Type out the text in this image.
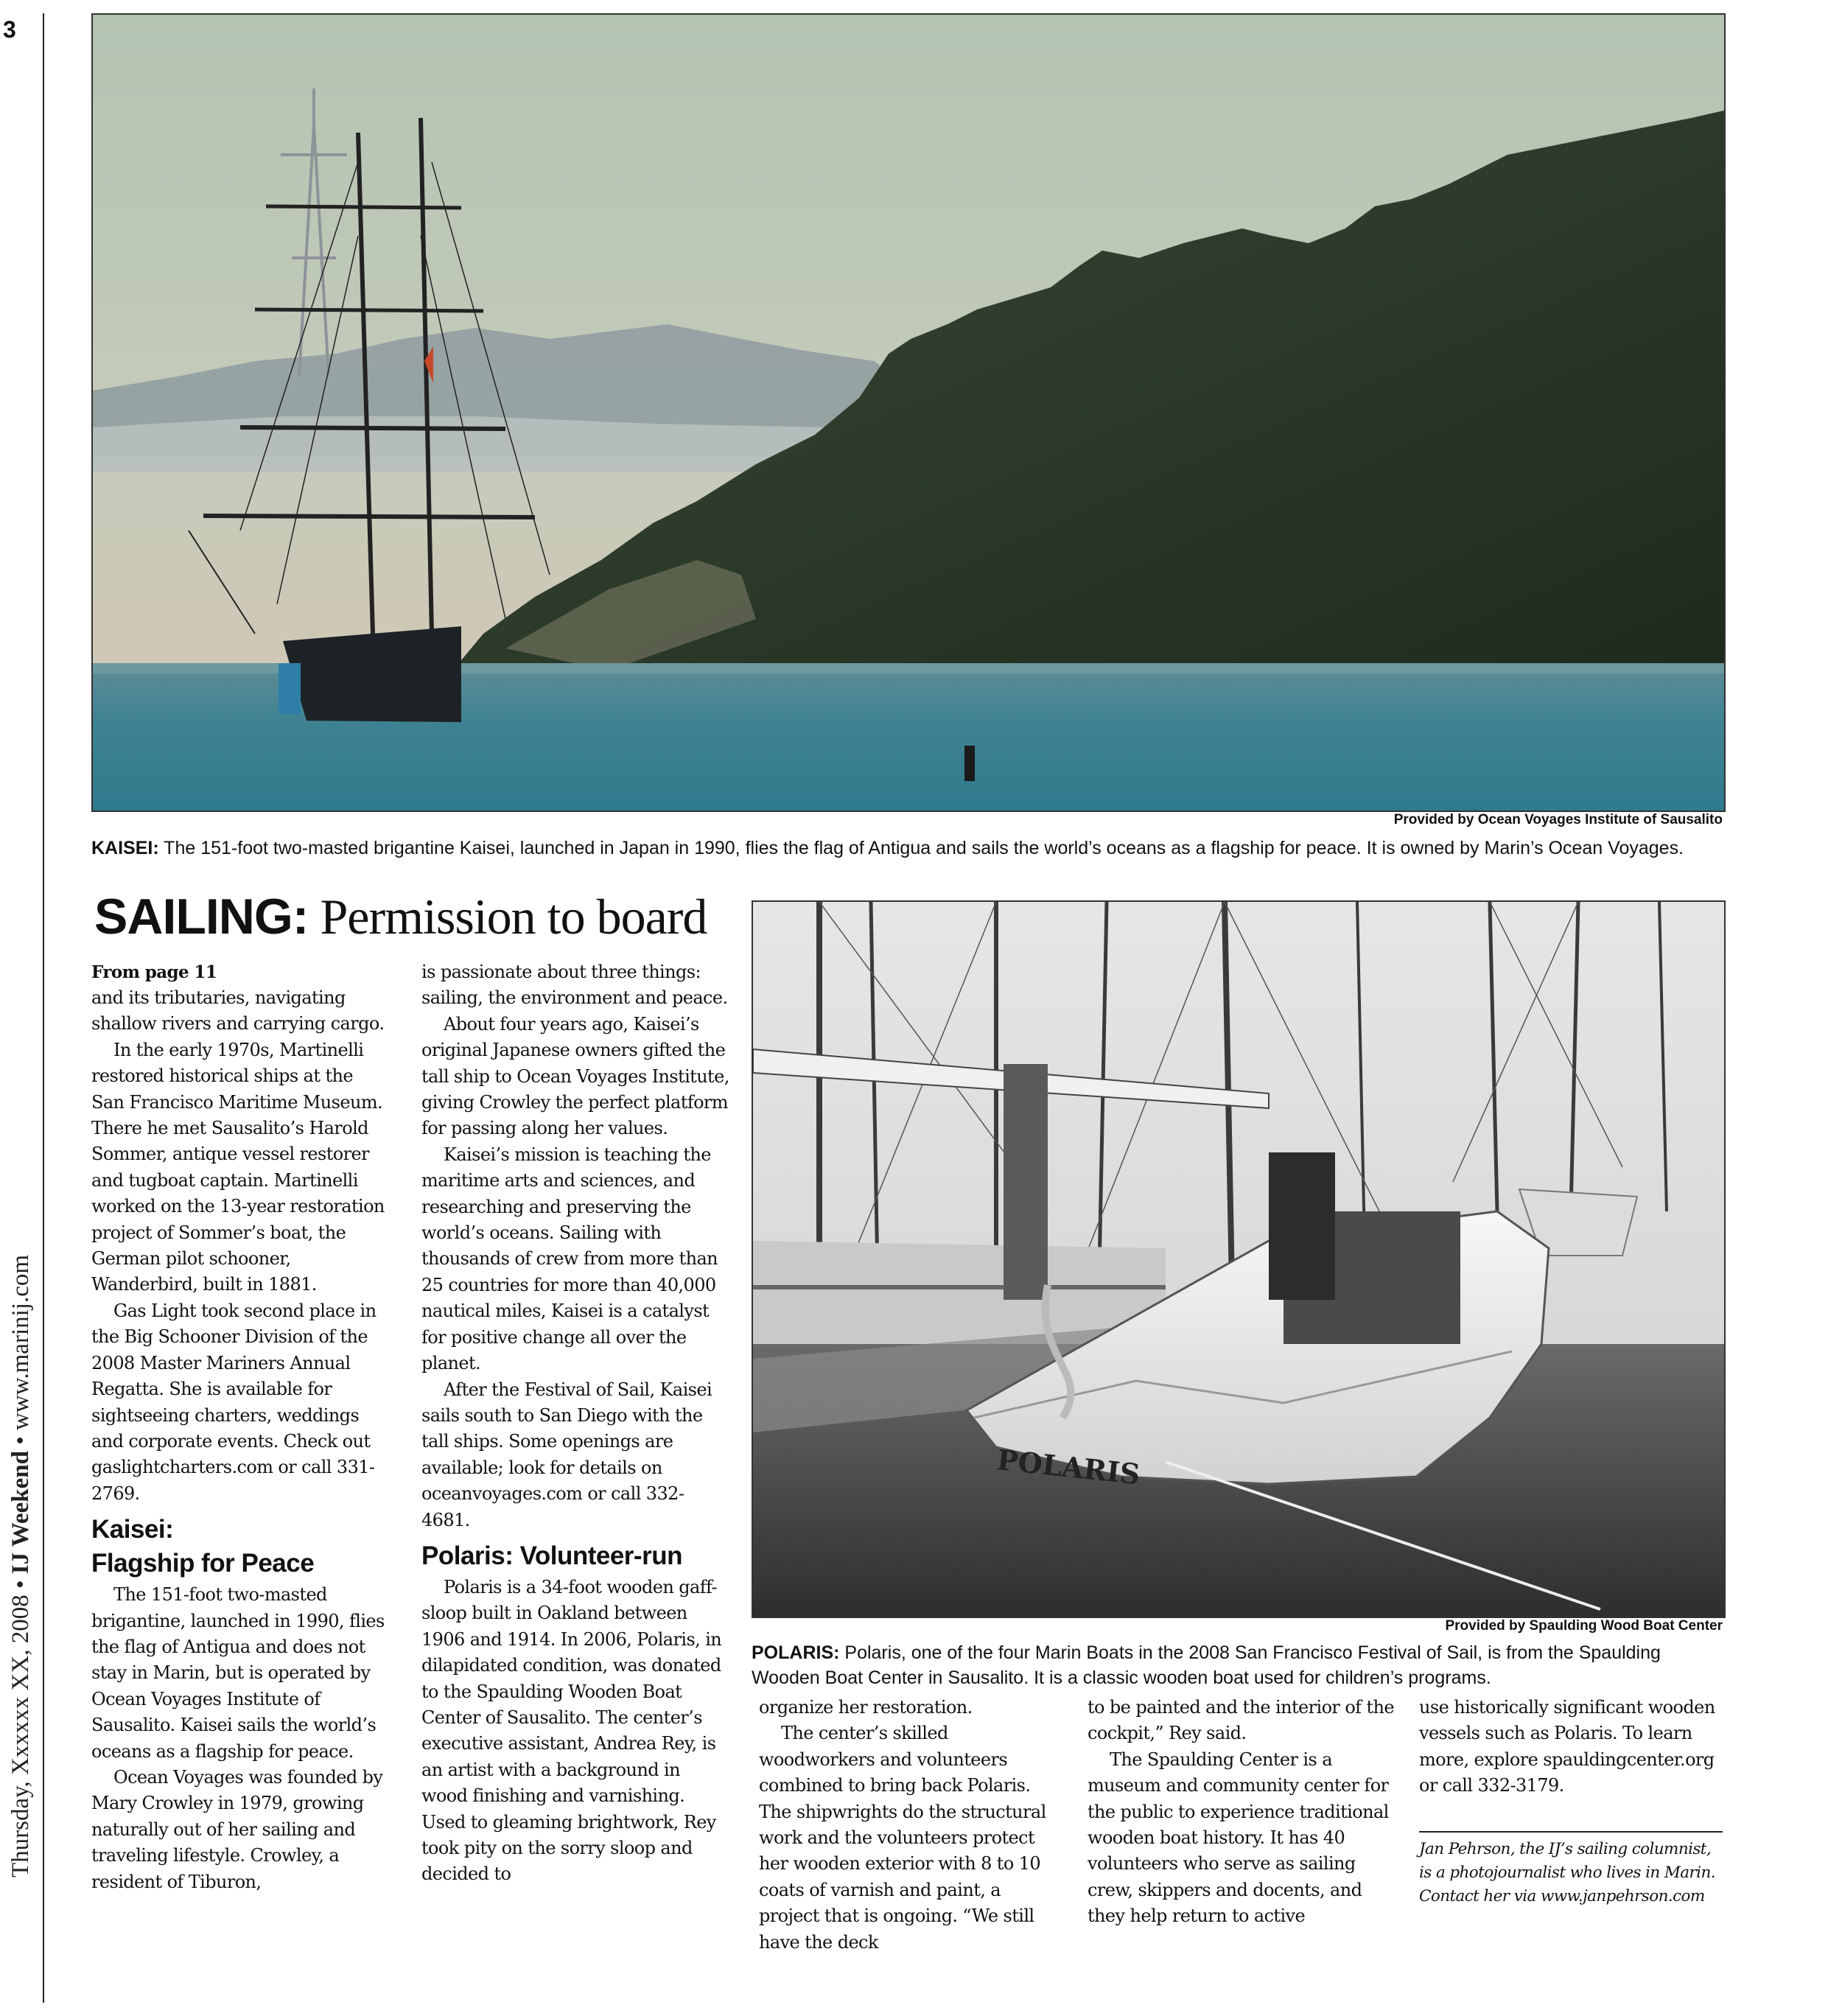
3
Thursday, Xxxxxx XX, 2008 • IJ Weekend • www.marinij.com
Provided by Ocean Voyages Institute of Sausalito
KAISEI: The 151-foot two-masted brigantine Kaisei, launched in Japan in 1990, flies the flag of Antigua and sails the world’s oceans as a flagship for peace. It is owned by Marin’s Ocean Voyages.
SAILING: Permission to board
From page 11

and its tributaries, navigating shallow rivers and carrying cargo.

In the early 1970s, Martinelli restored historical ships at the San Francisco Maritime Museum. There he met Sausalito’s Harold Sommer, antique vessel restorer and tugboat captain. Martinelli worked on the 13-year restoration project of Sommer’s boat, the German pilot schooner, Wanderbird, built in 1881.

Gas Light took second place in the Big Schooner Division of the 2008 Master Mariners Annual Regatta. She is available for sightseeing charters, weddings and corporate events. Check out gaslightcharters.com or call 331-2769.

Kaisei:
Flagship for Peace

The 151-foot two-masted brigantine, launched in 1990, flies the flag of Antigua and does not stay in Marin, but is operated by Ocean Voyages Institute of Sausalito. Kaisei sails the world’s oceans as a flagship for peace.

Ocean Voyages was founded by Mary Crowley in 1979, growing naturally out of her sailing and traveling lifestyle. Crowley, a resident of Tiburon,

is passionate about three things: sailing, the environment and peace.

About four years ago, Kaisei’s original Japanese owners gifted the tall ship to Ocean Voyages Institute, giving Crowley the perfect platform for passing along her values.

Kaisei’s mission is teaching the maritime arts and sciences, and researching and preserving the world’s oceans. Sailing with thousands of crew from more than 25 countries for more than 40,000 nautical miles, Kaisei is a catalyst for positive change all over the planet.

After the Festival of Sail, Kaisei sails south to San Diego with the tall ships. Some openings are available; look for details on oceanvoyages.com or call 332-4681.

Polaris: Volunteer-run

Polaris is a 34-foot wooden gaff-sloop built in Oakland between 1906 and 1914. In 2006, Polaris, in dilapidated condition, was donated to the Spaulding Wooden Boat Center of Sausalito. The center’s executive assistant, Andrea Rey, is an artist with a background in wood finishing and varnishing. Used to gleaming brightwork, Rey took pity on the sorry sloop and decided to

POLARIS
Provided by Spaulding Wood Boat Center
POLARIS: Polaris, one of the four Marin Boats in the 2008 San Francisco Festival of Sail, is from the Spaulding Wooden Boat Center in Sausalito. It is a classic wooden boat used for children’s programs.

organize her restoration.

The center’s skilled woodworkers and volunteers combined to bring back Polaris. The shipwrights do the structural work and the volunteers protect her wooden exterior with 8 to 10 coats of varnish and paint, a project that is ongoing. “We still have the deck

to be painted and the interior of the cockpit,” Rey said.

The Spaulding Center is a museum and community center for the public to experience traditional wooden boat history. It has 40 volunteers who serve as sailing crew, skippers and docents, and they help return to active

use historically significant wooden vessels such as Polaris. To learn more, explore spauldingcenter.org or call 332-3179.

Jan Pehrson, the IJ’s sailing columnist, is a photojournalist who lives in Marin. Contact her via www.janpehrson.com
